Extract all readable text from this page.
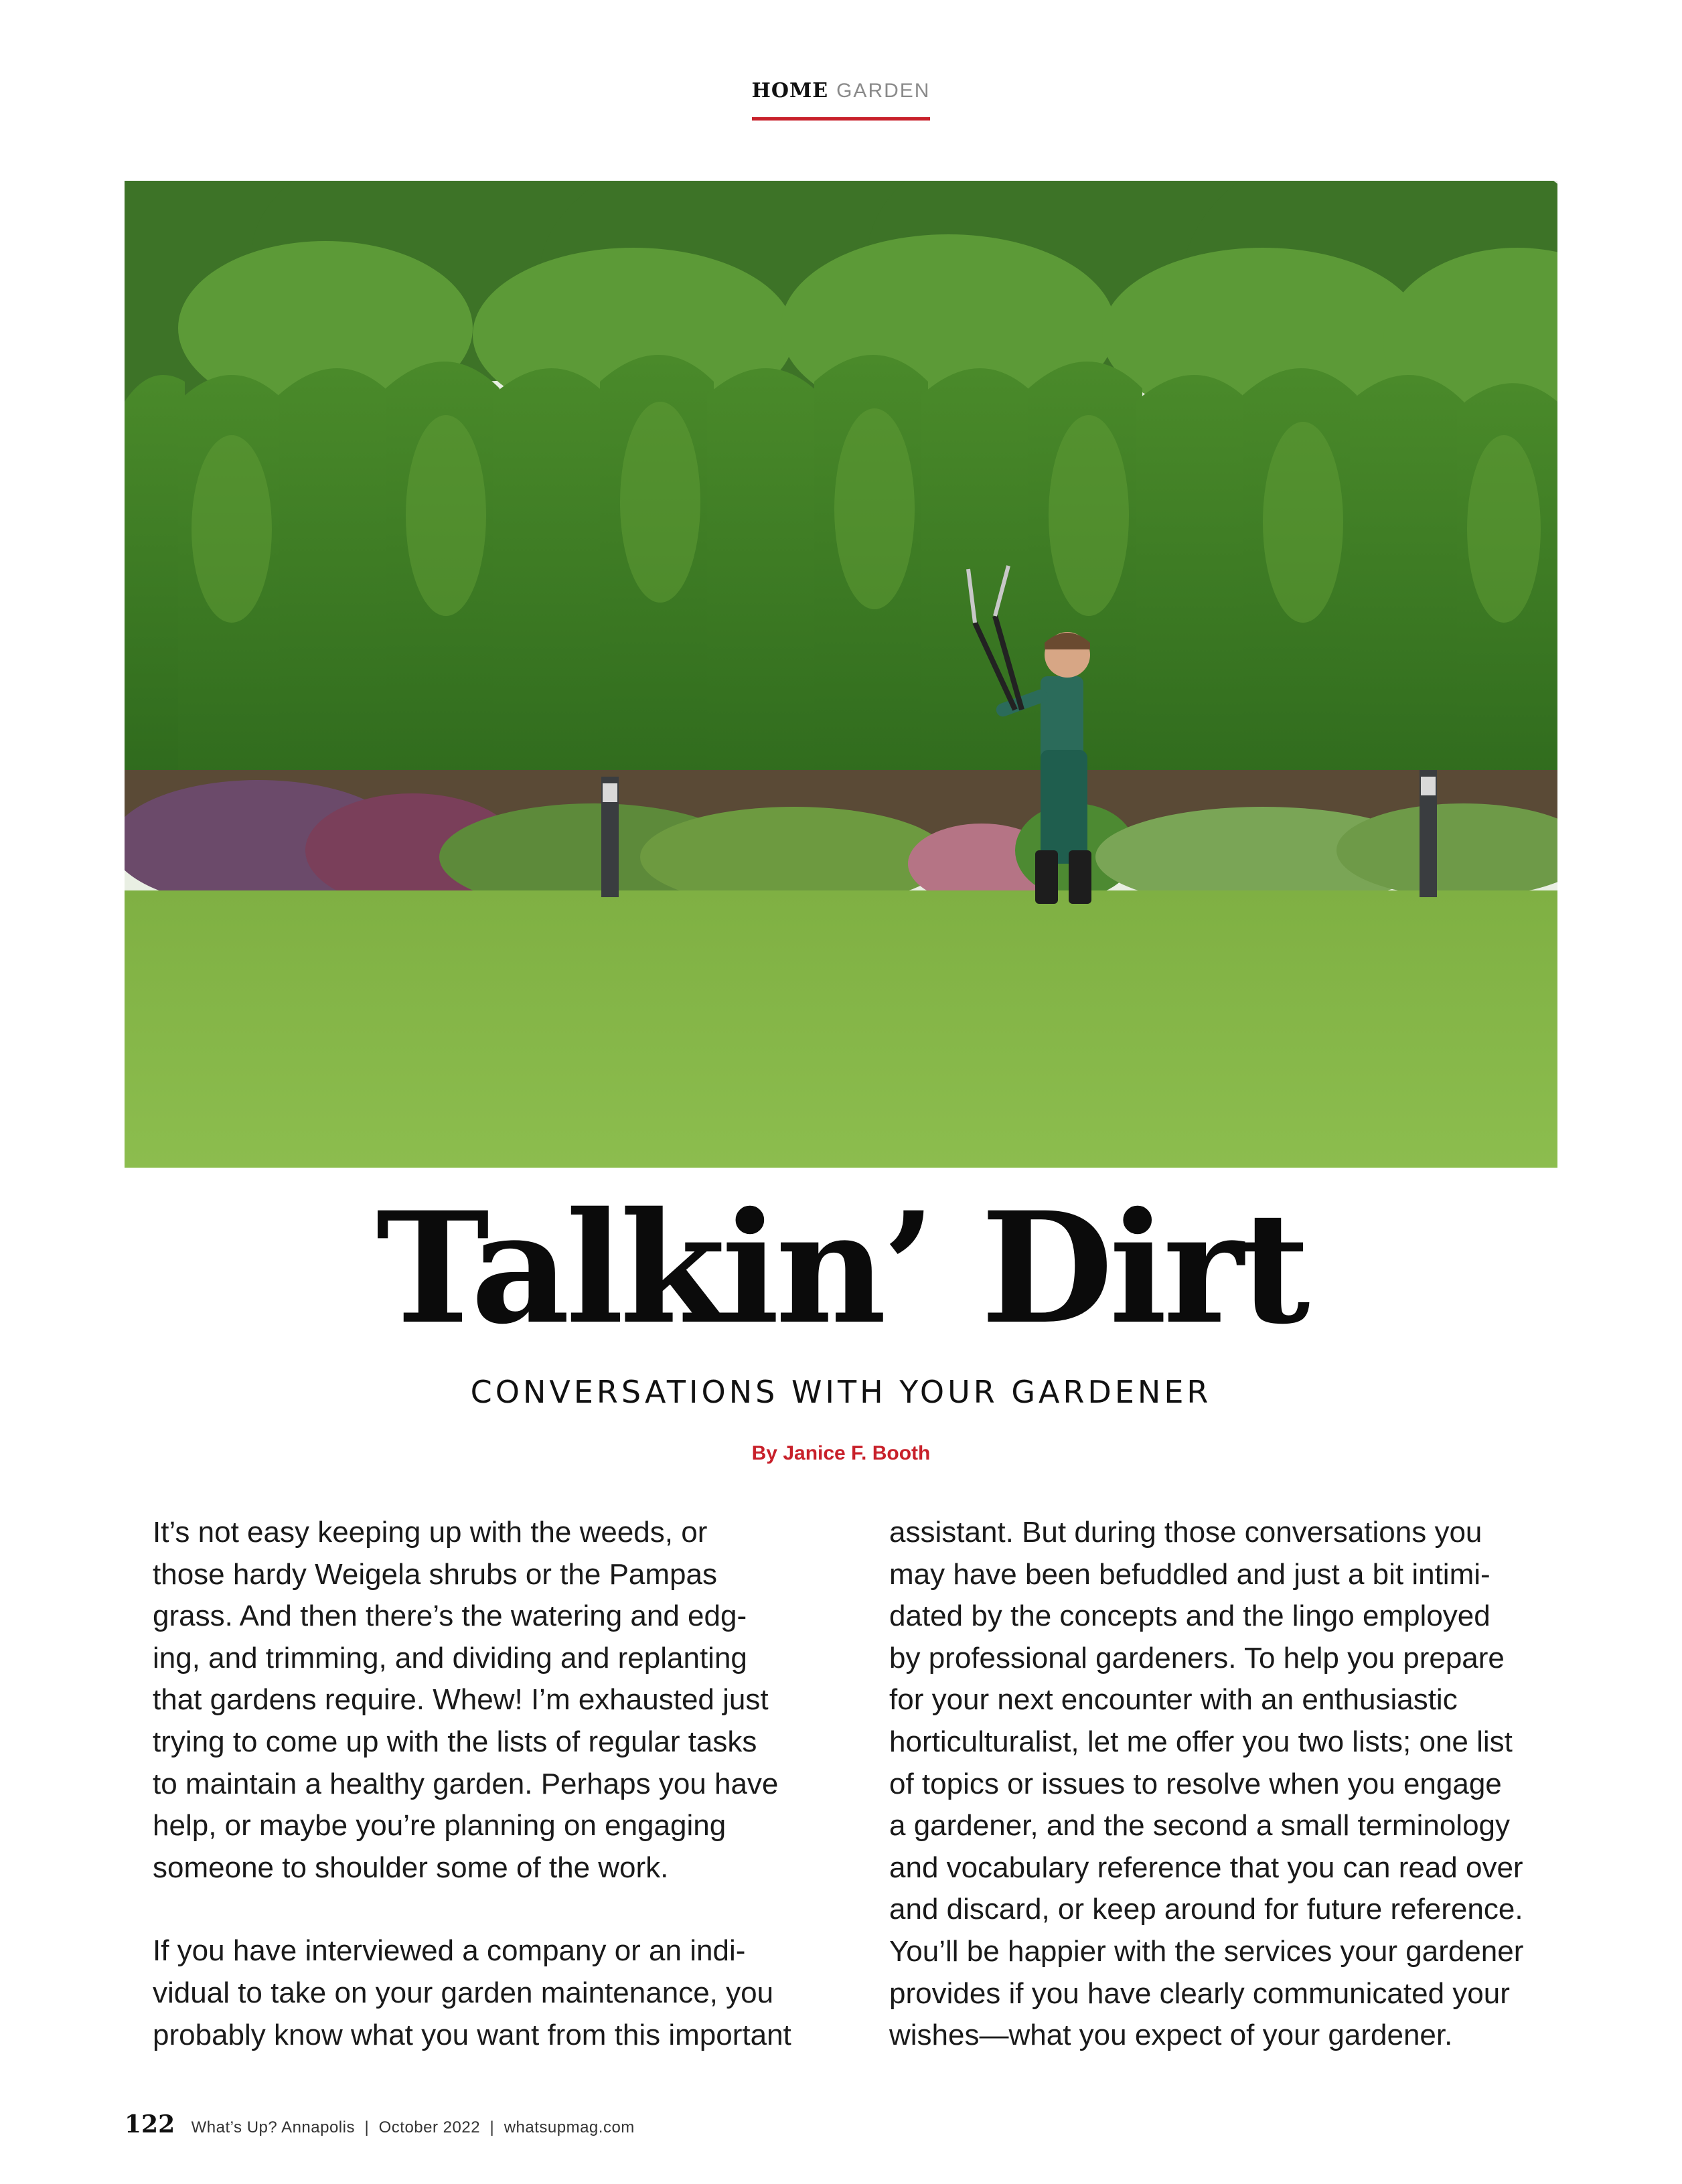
HOME GARDEN
Talkin’ Dirt
CONVERSATIONS WITH YOUR GARDENER
By Janice F. Booth

It’s not easy keeping up with the weeds, or
those hardy Weigela shrubs or the Pampas
grass. And then there’s the watering and edg-
ing, and trimming, and dividing and replanting
that gardens require. Whew! I’m exhausted just
trying to come up with the lists of regular tasks
to maintain a healthy garden. Perhaps you have
help, or maybe you’re planning on engaging
someone to shoulder some of the work.

If you have interviewed a company or an indi-
vidual to take on your garden maintenance, you
probably know what you want from this important

assistant. But during those conversations you
may have been befuddled and just a bit intimi-
dated by the concepts and the lingo employed
by professional gardeners. To help you prepare
for your next encounter with an enthusiastic
horticulturalist, let me offer you two lists; one list
of topics or issues to resolve when you engage
a gardener, and the second a small terminology
and vocabulary reference that you can read over
and discard, or keep around for future reference.
You’ll be happier with the services your gardener
provides if you have clearly communicated your
wishes—what you expect of your gardener.

122 What’s Up? Annapolis | October 2022 | whatsupmag.com
